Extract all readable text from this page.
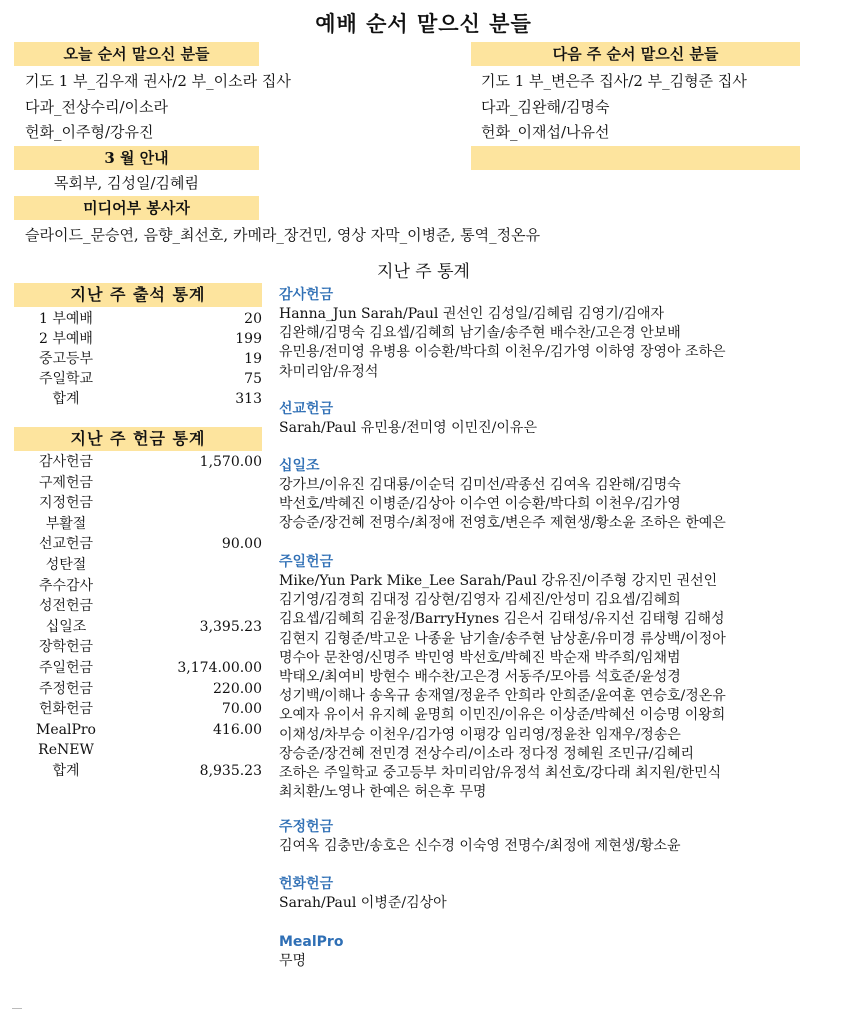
예배 순서 맡으신 분들
오늘 순서 맡으신 분들
기도 1 부_김우재 권사/2 부_이소라 집사
다과_전상수리/이소라
헌화_이주형/강유진
다음 주 순서 맡으신 분들
기도 1 부_변은주 집사/2 부_김형준 집사
다과_김완해/김명숙
헌화_이재섭/나유선
3 월 안내
목회부, 김성일/김혜림
미디어부 봉사자
슬라이드_문승연, 음향_최선호, 카메라_장건민, 영상 자막_이병준, 통역_정온유
지난 주 통계
지난 주 출석 통계
1 부예배	20
2 부예배	199
중고등부	19
주일학교	75
합계	313
지난 주 헌금 통계
감사헌금	1,570.00
구제헌금
지정헌금
부활절
선교헌금	90.00
성탄절
추수감사
성전헌금
십일조	3,395.23
장학헌금
주일헌금	3,174.00.00
주정헌금	220.00
헌화헌금	70.00
MealPro	416.00
ReNEW
합계	8,935.23
감사헌금
Hanna_Jun Sarah/Paul 권선인 김성일/김혜림 김영기/김애자
김완해/김명숙 김요셉/김혜희 남기솔/송주현 배수찬/고은경 안보배
유민용/전미영 유병용 이승환/박다희 이천우/김가영 이하영 장영아 조하은
차미리암/유정석
선교헌금
Sarah/Paul 유민용/전미영 이민진/이유은
십일조
강가브/이유진 김대룡/이순덕 김미선/곽종선 김여옥 김완해/김명숙
박선호/박혜진 이병준/김상아 이수연 이승환/박다희 이천우/김가영
장승준/장건혜 전명수/최정애 전영호/변은주 제현생/황소윤 조하은 한예은
주일헌금
Mike/Yun Park Mike_Lee Sarah/Paul 강유진/이주형 강지민 권선인
김기영/김경희 김대정 김상현/김영자 김세진/안성미 김요셉/김혜희
김요셉/김혜희 김윤정/BarryHynes 김은서 김태성/유지선 김태형 김해성
김현지 김형준/박고운 나종윤 남기솔/송주현 남상훈/유미경 류상백/이정아
명수아 문찬영/신명주 박민영 박선호/박혜진 박순재 박주희/임채범
박태오/최여비 방현수 배수찬/고은경 서동주/모아름 석호준/윤성경
성기백/이해나 송옥규 송재열/정윤주 안희라 안희준/윤여훈 연승호/정온유
오예자 유이서 유지혜 윤명희 이민진/이유은 이상준/박혜선 이승명 이왕희
이채성/차부승 이천우/김가영 이평강 임리영/정윤찬 임재우/정송은
장승준/장건혜 전민경 전상수리/이소라 정다정 정혜원 조민규/김혜리
조하은 주일학교 중고등부 차미리암/유정석 최선호/강다래 최지원/한민식
최치환/노영나 한예은 허은후 무명
주정헌금
김여옥 김충만/송호은 신수경 이숙영 전명수/최정애 제현생/황소윤
헌화헌금
Sarah/Paul 이병준/김상아
MealPro
무명
